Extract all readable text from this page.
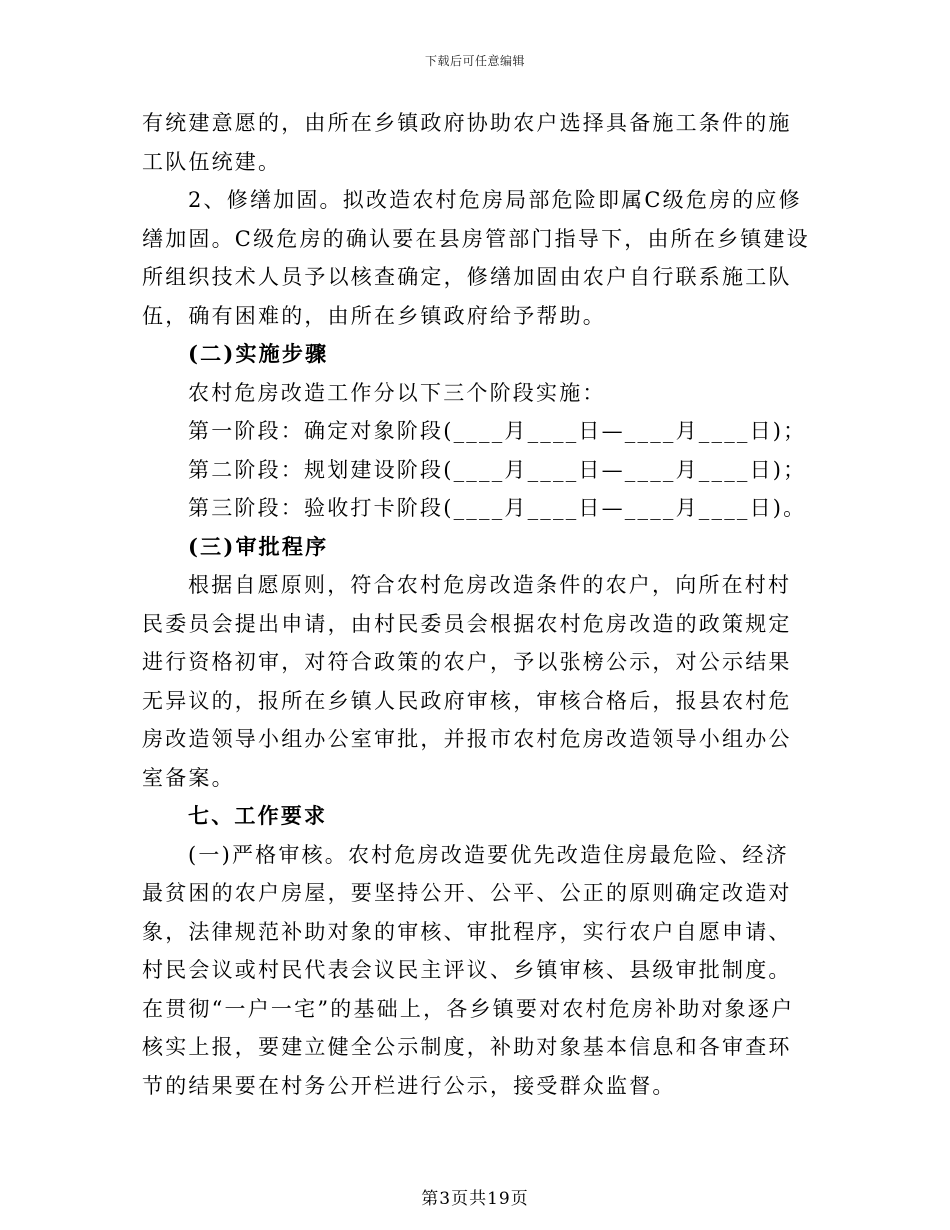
下载后可任意编辑

有统建意愿的，由所在乡镇政府协助农户选择具备施工条件的施工队伍统建。

2、修缮加固。拟改造农村危房局部危险即属C级危房的应修缮加固。C级危房的确认要在县房管部门指导下，由所在乡镇建设所组织技术人员予以核查确定，修缮加固由农户自行联系施工队伍，确有困难的，由所在乡镇政府给予帮助。

(二)实施步骤

农村危房改造工作分以下三个阶段实施：

第一阶段：确定对象阶段(____月____日—____月____日)；

第二阶段：规划建设阶段(____月____日—____月____日)；

第三阶段：验收打卡阶段(____月____日—____月____日)。

(三)审批程序

根据自愿原则，符合农村危房改造条件的农户，向所在村村民委员会提出申请，由村民委员会根据农村危房改造的政策规定进行资格初审，对符合政策的农户，予以张榜公示，对公示结果无异议的，报所在乡镇人民政府审核，审核合格后，报县农村危房改造领导小组办公室审批，并报市农村危房改造领导小组办公室备案。

七、工作要求

(一)严格审核。农村危房改造要优先改造住房最危险、经济最贫困的农户房屋，要坚持公开、公平、公正的原则确定改造对象，法律规范补助对象的审核、审批程序，实行农户自愿申请、村民会议或村民代表会议民主评议、乡镇审核、县级审批制度。在贯彻“一户一宅”的基础上，各乡镇要对农村危房补助对象逐户核实上报，要建立健全公示制度，补助对象基本信息和各审查环节的结果要在村务公开栏进行公示，接受群众监督。

第3页共19页
